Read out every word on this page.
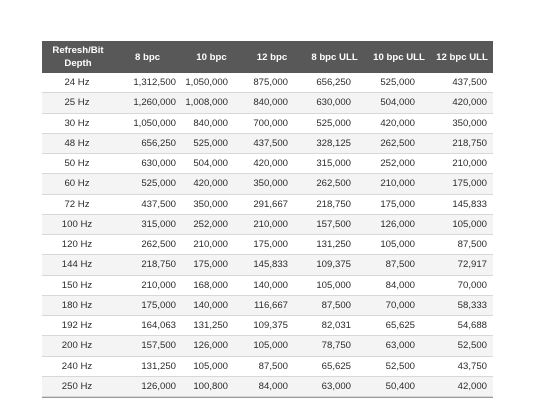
Refresh/Bit Depth	8 bpc	10 bpc	12 bpc	8 bpc ULL	10 bpc ULL	12 bpc ULL
24 Hz	1,312,500	1,050,000	875,000	656,250	525,000	437,500
25 Hz	1,260,000	1,008,000	840,000	630,000	504,000	420,000
30 Hz	1,050,000	840,000	700,000	525,000	420,000	350,000
48 Hz	656,250	525,000	437,500	328,125	262,500	218,750
50 Hz	630,000	504,000	420,000	315,000	252,000	210,000
60 Hz	525,000	420,000	350,000	262,500	210,000	175,000
72 Hz	437,500	350,000	291,667	218,750	175,000	145,833
100 Hz	315,000	252,000	210,000	157,500	126,000	105,000
120 Hz	262,500	210,000	175,000	131,250	105,000	87,500
144 Hz	218,750	175,000	145,833	109,375	87,500	72,917
150 Hz	210,000	168,000	140,000	105,000	84,000	70,000
180 Hz	175,000	140,000	116,667	87,500	70,000	58,333
192 Hz	164,063	131,250	109,375	82,031	65,625	54,688
200 Hz	157,500	126,000	105,000	78,750	63,000	52,500
240 Hz	131,250	105,000	87,500	65,625	52,500	43,750
250 Hz	126,000	100,800	84,000	63,000	50,400	42,000
